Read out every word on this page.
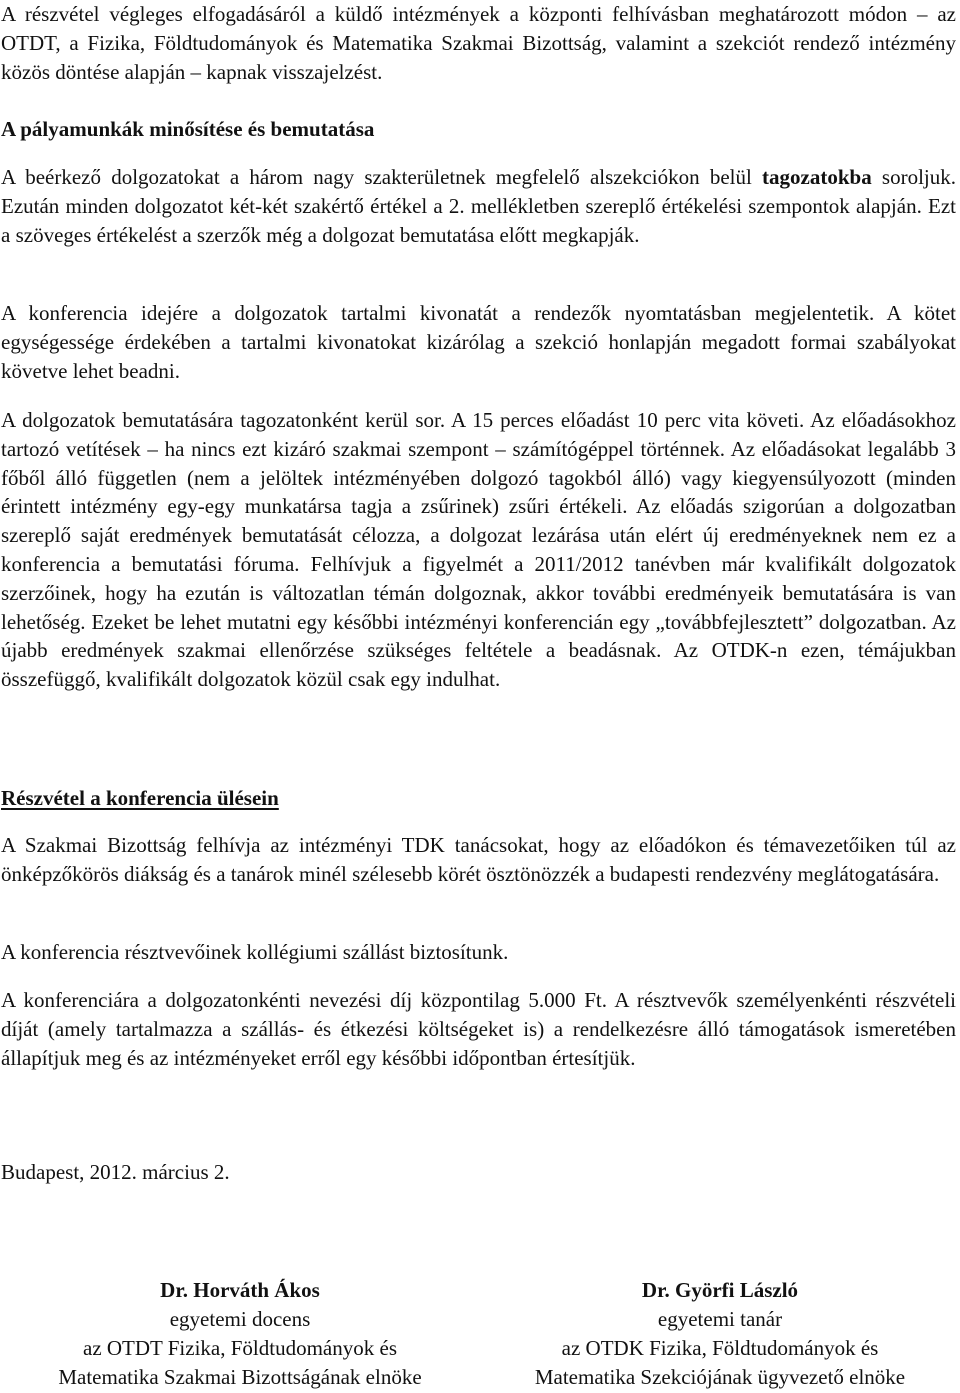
A részvétel végleges elfogadásáról a küldő intézmények a központi felhívásban meghatározott módon – az OTDT, a Fizika, Földtudományok és Matematika Szakmai Bizottság, valamint a szekciót rendező intézmény közös döntése alapján – kapnak visszajelzést.

A pályamunkák minősítése és bemutatása

A beérkező dolgozatokat a három nagy szakterületnek megfelelő alszekciókon belül tagozatokba soroljuk. Ezután minden dolgozatot két-két szakértő értékel a 2. mellékletben szereplő értékelési szempontok alapján. Ezt a szöveges értékelést a szerzők még a dolgozat bemutatása előtt megkapják.

A konferencia idejére a dolgozatok tartalmi kivonatát a rendezők nyomtatásban megjelentetik. A kötet egységessége érdekében a tartalmi kivonatokat kizárólag a szekció honlapján megadott formai szabályokat követve lehet beadni.

A dolgozatok bemutatására tagozatonként kerül sor. A 15 perces előadást 10 perc vita követi. Az előadásokhoz tartozó vetítések – ha nincs ezt kizáró szakmai szempont – számítógéppel történnek. Az előadásokat legalább 3 főből álló független (nem a jelöltek intézményében dolgozó tagokból álló) vagy kiegyensúlyozott (minden érintett intézmény egy-egy munkatársa tagja a zsűrinek) zsűri értékeli. Az előadás szigorúan a dolgozatban szereplő saját eredmények bemutatását célozza, a dolgozat lezárása után elért új eredményeknek nem ez a konferencia a bemutatási fóruma. Felhívjuk a figyelmét a 2011/2012 tanévben már kvalifikált dolgozatok szerzőinek, hogy ha ezután is változatlan témán dolgoznak, akkor további eredményeik bemutatására is van lehetőség. Ezeket be lehet mutatni egy későbbi intézményi konferencián egy „továbbfejlesztett” dolgozatban. Az újabb eredmények szakmai ellenőrzése szükséges feltétele a beadásnak. Az OTDK-n ezen, témájukban összefüggő, kvalifikált dolgozatok közül csak egy indulhat.

Részvétel a konferencia ülésein

A Szakmai Bizottság felhívja az intézményi TDK tanácsokat, hogy az előadókon és témavezetőiken túl az önképzőkörös diákság és a tanárok minél szélesebb körét ösztönözzék a budapesti rendezvény meglátogatására.

A konferencia résztvevőinek kollégiumi szállást biztosítunk.

A konferenciára a dolgozatonkénti nevezési díj központilag 5.000 Ft. A résztvevők személyenkénti részvételi díját (amely tartalmazza a szállás- és étkezési költségeket is) a rendelkezésre álló támogatások ismeretében állapítjuk meg és az intézményeket erről egy későbbi időpontban értesítjük.

Budapest, 2012. március 2.

Dr. Horváth Ákos
egyetemi docens
az OTDT Fizika, Földtudományok és
Matematika Szakmai Bizottságának elnöke
Dr. Györfi László
egyetemi tanár
az OTDK Fizika, Földtudományok és
Matematika Szekciójának ügyvezető elnöke
